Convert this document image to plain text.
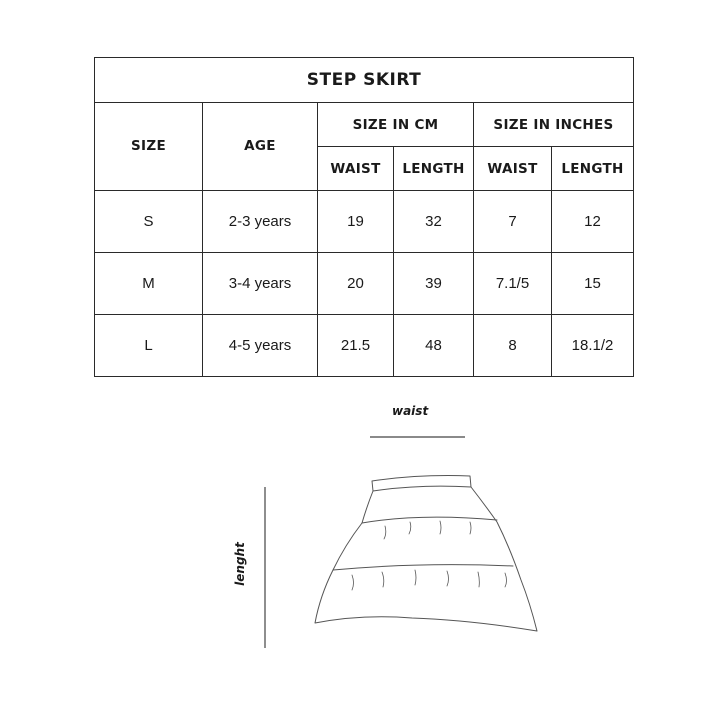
STEP SKIRT					
SIZE	AGE	SIZE IN CM		SIZE IN INCHES	
		WAIST	LENGTH	WAIST	LENGTH
S	2-3 years	19	32	7	12
M	3-4 years	20	39	7.1/5	15
L	4-5 years	21.5	48	8	18.1/2
waist
lenght
